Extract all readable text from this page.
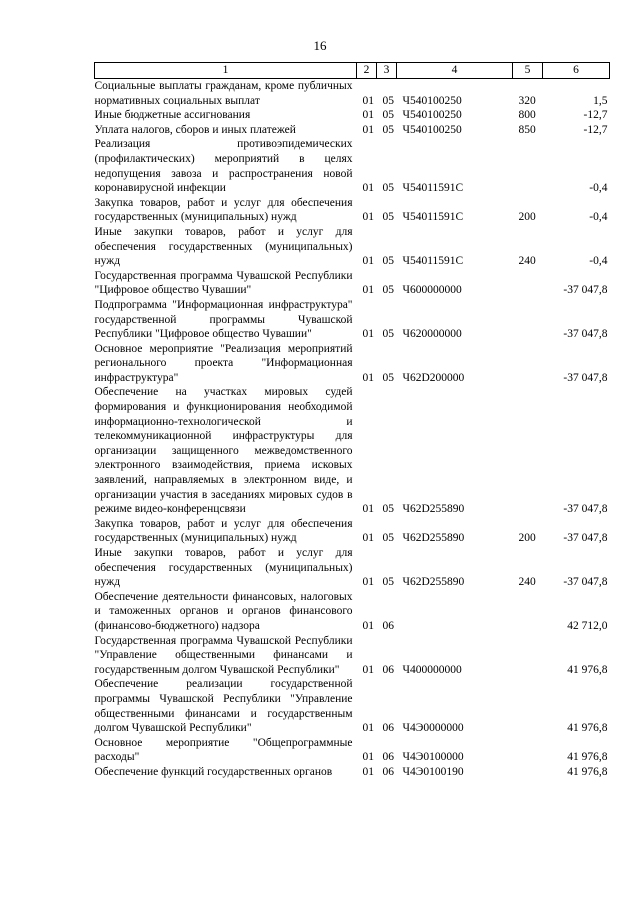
16
1	2	3	4	5	6
Социальные выплаты гражданам, кроме публичных нормативных социальных выплат	01	05	Ч540100250	320	1,5
Иные бюджетные ассигнования	01	05	Ч540100250	800	-12,7
Уплата налогов, сборов и иных платежей	01	05	Ч540100250	850	-12,7
Реализация противоэпидемических (профилактических) мероприятий в целях недопущения завоза и распространения новой коронавирусной инфекции	01	05	Ч54011591С		-0,4
Закупка товаров, работ и услуг для обеспечения государственных (муниципальных) нужд	01	05	Ч54011591С	200	-0,4
Иные закупки товаров, работ и услуг для обеспечения государственных (муниципальных) нужд	01	05	Ч54011591С	240	-0,4
Государственная программа Чувашской Республики "Цифровое общество Чувашии"	01	05	Ч600000000		-37 047,8
Подпрограмма "Информационная инфраструктура" государственной программы Чувашской Республики "Цифровое общество Чувашии"	01	05	Ч620000000		-37 047,8
Основное мероприятие "Реализация мероприятий регионального проекта "Информационная инфраструктура"	01	05	Ч62D200000		-37 047,8
Обеспечение на участках мировых судей формирования и функционирования необходимой информационно-технологической и телекоммуникационной инфраструктуры для организации защищенного межведомственного электронного взаимодействия, приема исковых заявлений, направляемых в электронном виде, и организации участия в заседаниях мировых судов в режиме видео-конференцсвязи	01	05	Ч62D255890		-37 047,8
Закупка товаров, работ и услуг для обеспечения государственных (муниципальных) нужд	01	05	Ч62D255890	200	-37 047,8
Иные закупки товаров, работ и услуг для обеспечения государственных (муниципальных) нужд	01	05	Ч62D255890	240	-37 047,8
Обеспечение деятельности финансовых, налоговых и таможенных органов и органов финансового (финансово-бюджетного) надзора	01	06			42 712,0
Государственная программа Чувашской Республики "Управление общественными финансами и государственным долгом Чувашской Республики"	01	06	Ч400000000		41 976,8
Обеспечение реализации государственной программы Чувашской Республики "Управление общественными финансами и государственным долгом Чувашской Республики"	01	06	Ч4Э0000000		41 976,8
Основное мероприятие "Общепрограммные расходы"	01	06	Ч4Э0100000		41 976,8
Обеспечение функций государственных органов	01	06	Ч4Э0100190		41 976,8
